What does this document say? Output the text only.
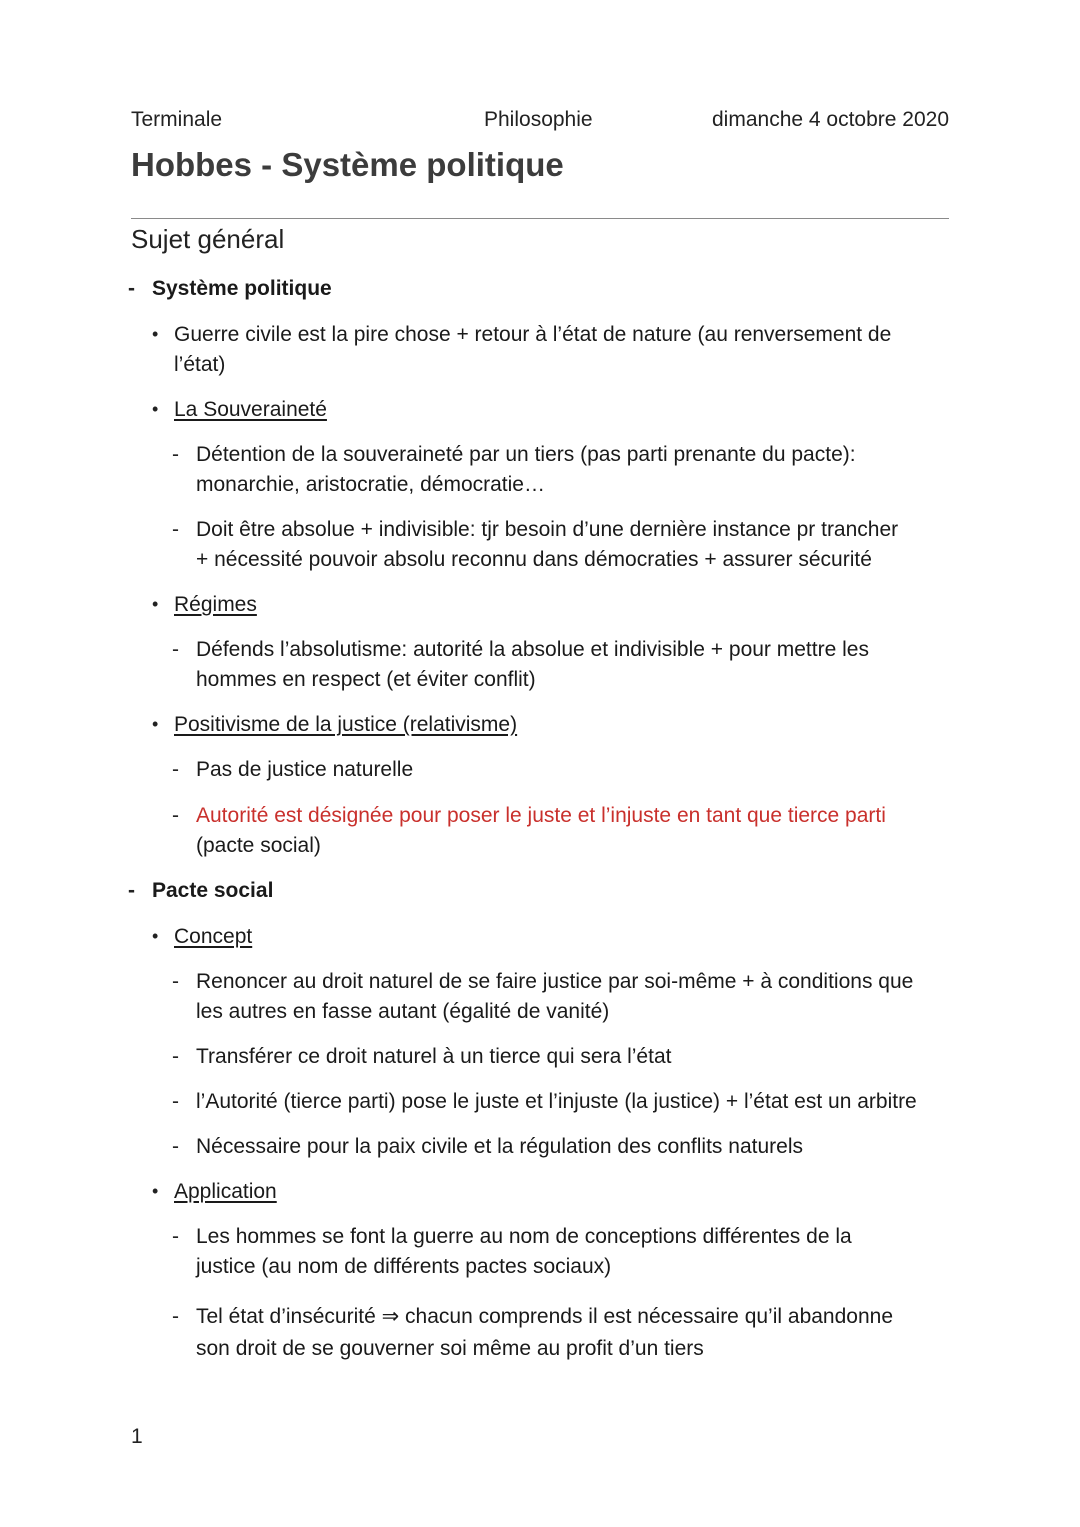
Terminale	Philosophie	dimanche 4 octobre 2020
Hobbes - Système politique
Sujet général
- Système politique
• Guerre civile est la pire chose + retour à l’état de nature (au renversement de
l’état)
• La Souveraineté
- Détention de la souveraineté par un tiers (pas parti prenante du pacte):
monarchie, aristocratie, démocratie…
- Doit être absolue + indivisible: tjr besoin d’une dernière instance pr trancher
+ nécessité pouvoir absolu reconnu dans démocraties + assurer sécurité
• Régimes
- Défends l’absolutisme: autorité la absolue et indivisible + pour mettre les
hommes en respect (et éviter conflit)
• Positivisme de la justice (relativisme)
- Pas de justice naturelle
- Autorité est désignée pour poser le juste et l’injuste en tant que tierce parti
(pacte social)
- Pacte social
• Concept
- Renoncer au droit naturel de se faire justice par soi-même + à conditions que
les autres en fasse autant (égalité de vanité)
- Transférer ce droit naturel à un tierce qui sera l’état
- l’Autorité (tierce parti) pose le juste et l’injuste (la justice) + l’état est un arbitre
- Nécessaire pour la paix civile et la régulation des conflits naturels
• Application
- Les hommes se font la guerre au nom de conceptions différentes de la
justice (au nom de différents pactes sociaux)
- Tel état d’insécurité ⇒ chacun comprends il est nécessaire qu’il abandonne
son droit de se gouverner soi même au profit d’un tiers
1
